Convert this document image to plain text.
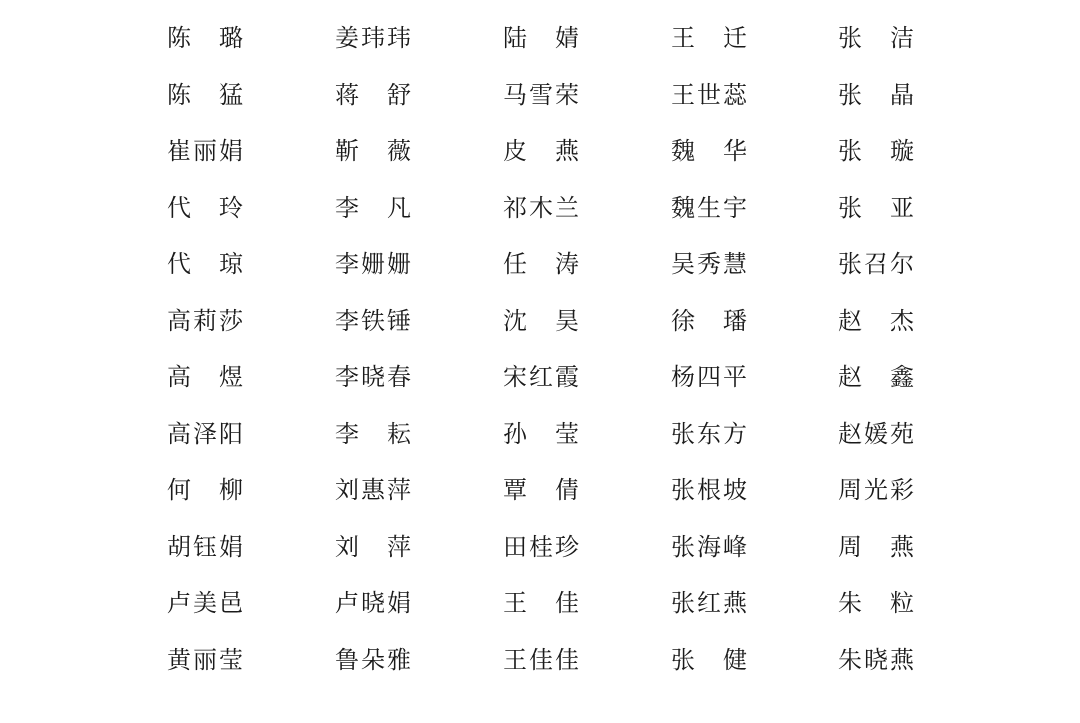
陈 璐
陈 猛
崔 丽 娟
代 玲
代 琼
高 莉 莎
高 煜
高 泽 阳
何 柳
胡 钰 娟
卢 美 邑
黄 丽 莹
姜 玮 玮
蒋 舒
靳 薇
李 凡
李 姗 姗
李 铁 锤
李 晓 春
李 耘
刘 惠 萍
刘 萍
卢 晓 娟
鲁 朵 雅
陆 婧
马 雪 荣
皮 燕
祁 木 兰
任 涛
沈 昊
宋 红 霞
孙 莹
覃 倩
田 桂 珍
王 佳
王 佳 佳
王 迁
王 世 蕊
魏 华
魏 生 宇
吴 秀 慧
徐 璠
杨 四 平
张 东 方
张 根 坡
张 海 峰
张 红 燕
张 健
张 洁
张 晶
张 璇
张 亚
张 召 尔
赵 杰
赵 鑫
赵 媛 苑
周 光 彩
周 燕
朱 粒
朱 晓 燕
